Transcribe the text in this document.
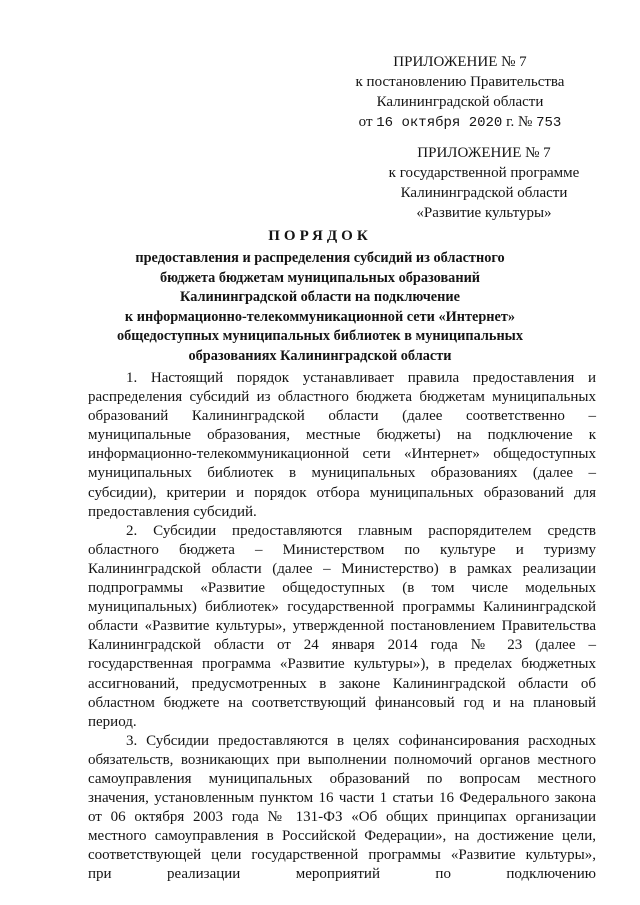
ПРИЛОЖЕНИЕ № 7
к постановлению Правительства
Калининградской области
от 16 октября 2020 г. № 753
ПРИЛОЖЕНИЕ № 7
к государственной программе
Калининградской области
«Развитие культуры»
ПОРЯДОК
предоставления и распределения субсидий из областного
бюджета бюджетам муниципальных образований
Калининградской области на подключение
к информационно-телекоммуникационной сети «Интернет»
общедоступных муниципальных библиотек в муниципальных
образованиях Калининградской области
1. Настоящий порядок устанавливает правила предоставления и
распределения субсидий из областного бюджета бюджетам муниципальных
образований Калининградской области (далее соответственно –
муниципальные образования, местные бюджеты) на подключение к
информационно-телекоммуникационной сети «Интернет» общедоступных
муниципальных библиотек в муниципальных образованиях (далее –
субсидии), критерии и порядок отбора муниципальных образований для
предоставления субсидий.
2. Субсидии предоставляются главным распорядителем средств
областного бюджета – Министерством по культуре и туризму
Калининградской области (далее – Министерство) в рамках реализации
подпрограммы «Развитие общедоступных (в том числе модельных
муниципальных) библиотек» государственной программы Калининградской
области «Развитие культуры», утвержденной постановлением Правительства
Калининградской области от 24 января 2014 года № 23 (далее –
государственная программа «Развитие культуры»), в пределах бюджетных
ассигнований, предусмотренных в законе Калининградской области об
областном бюджете на соответствующий финансовый год и на плановый
период.
3. Субсидии предоставляются в целях софинансирования расходных
обязательств, возникающих при выполнении полномочий органов местного
самоуправления муниципальных образований по вопросам местного
значения, установленным пунктом 16 части 1 статьи 16 Федерального закона
от 06 октября 2003 года № 131-ФЗ «Об общих принципах организации
местного самоуправления в Российской Федерации», на достижение цели,
соответствующей цели государственной программы «Развитие культуры»,
при реализации мероприятий по подключению
